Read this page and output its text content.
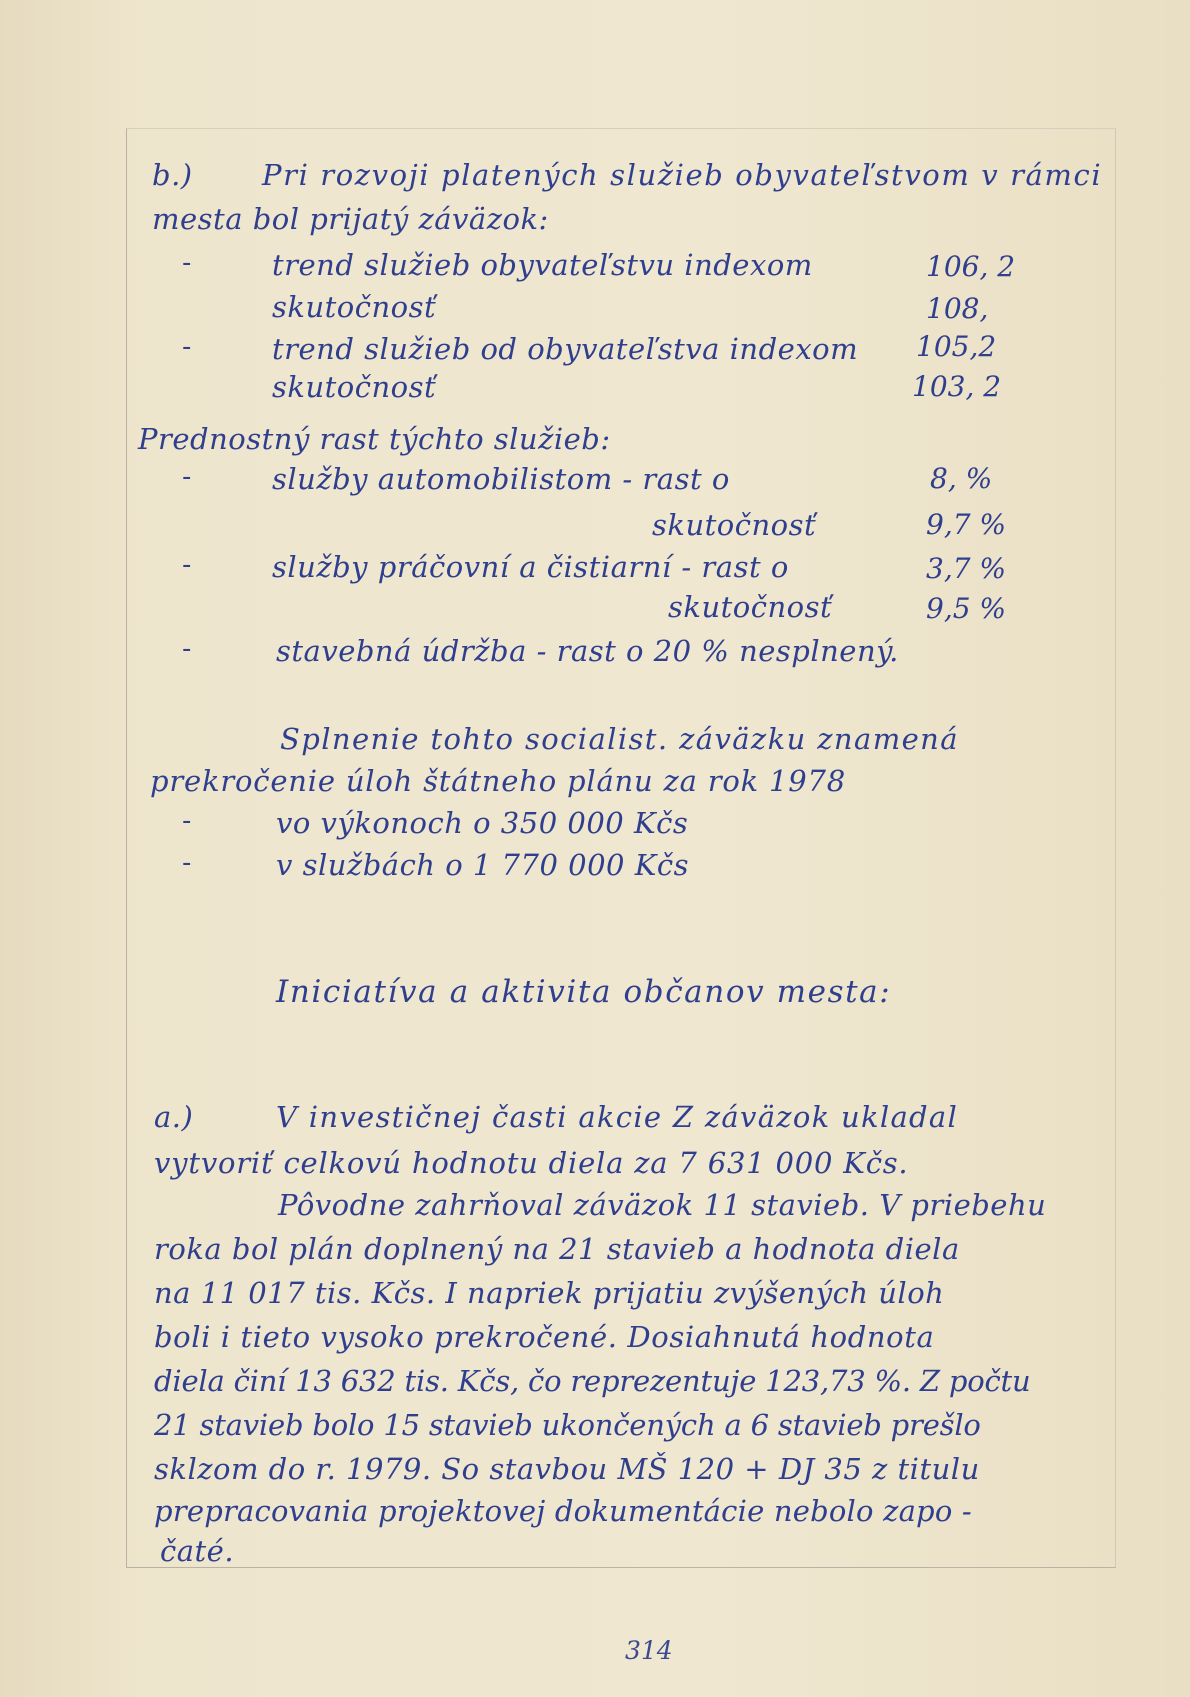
b.) Pri rozvoji platených služieb obyvateľstvom v rámci
mesta bol prijatý záväzok:
-	trend služieb obyvateľstvu indexom	106, 2
skutočnosť	108,
-	trend služieb od obyvateľstva indexom 105,2
skutočnosť	103, 2
Prednostný rast týchto služieb:
-	služby automobilistom - rast o	8, %
skutočnosť	9,7 %
-	služby práčovní a čistiarní - rast o	3,7 %
skutočnosť	9,5 %
-	stavebná údržba - rast o 20 % nesplnený.
Splnenie tohto socialist. záväzku znamená
prekročenie úloh štátneho plánu za rok 1978
-	vo výkonoch o 350 000 Kčs
-	v službách o 1 770 000 Kčs
Iniciatíva a aktivita občanov mesta:
a.)	V investičnej časti akcie Z záväzok ukladal
vytvoriť celkovú hodnotu diela za 7 631 000 Kčs.
Pôvodne zahrňoval záväzok 11 stavieb. V priebehu
roka bol plán doplnený na 21 stavieb a hodnota diela
na 11 017 tis. Kčs. I napriek prijatiu zvýšených úloh
boli i tieto vysoko prekročené. Dosiahnutá hodnota
diela činí 13 632 tis. Kčs, čo reprezentuje 123,73 %. Z počtu
21 stavieb bolo 15 stavieb ukončených a 6 stavieb prešlo
sklzom do r. 1979. So stavbou MŠ 120 + DJ 35 z titulu
prepracovania projektovej dokumentácie nebolo zapo -
čaté.
314
